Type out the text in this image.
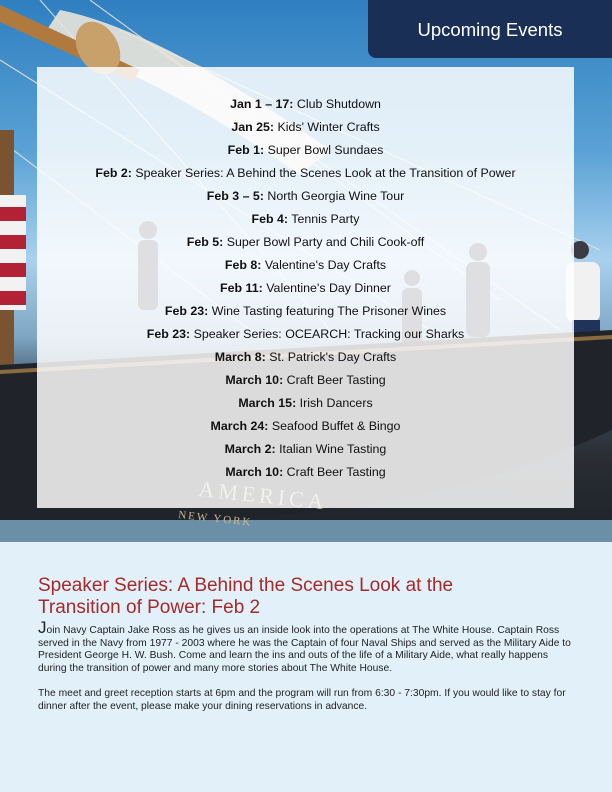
NEW YORK
Upcoming Events
Jan 1 – 17: Club Shutdown
Jan 25: Kids' Winter Crafts
Feb 1: Super Bowl Sundaes
Feb 2: Speaker Series: A Behind the Scenes Look at the Transition of Power
Feb 3 – 5: North Georgia Wine Tour
Feb 4: Tennis Party
Feb 5: Super Bowl Party and Chili Cook-off
Feb 8: Valentine's Day Crafts
Feb 11: Valentine's Day Dinner
Feb 23: Wine Tasting featuring The Prisoner Wines
Feb 23: Speaker Series: OCEARCH: Tracking our Sharks
March 8: St. Patrick's Day Crafts
March 10: Craft Beer Tasting
March 15: Irish Dancers
March 24: Seafood Buffet & Bingo
March 2: Italian Wine Tasting
March 10: Craft Beer Tasting
Speaker Series: A Behind the Scenes Look at the
Transition of Power: Feb 2

Join Navy Captain Jake Ross as he gives us an inside look into the operations at The White House. Captain Ross served in the Navy from 1977 - 2003 where he was the Captain of four Naval Ships and served as the Military Aide to President George H. W. Bush. Come and learn the ins and outs of the life of a Military Aide, what really happens during the transition of power and many more stories about The White House.

The meet and greet reception starts at 6pm and the program will run from 6:30 - 7:30pm. If you would like to stay for dinner after the event, please make your dining reservations in advance.
